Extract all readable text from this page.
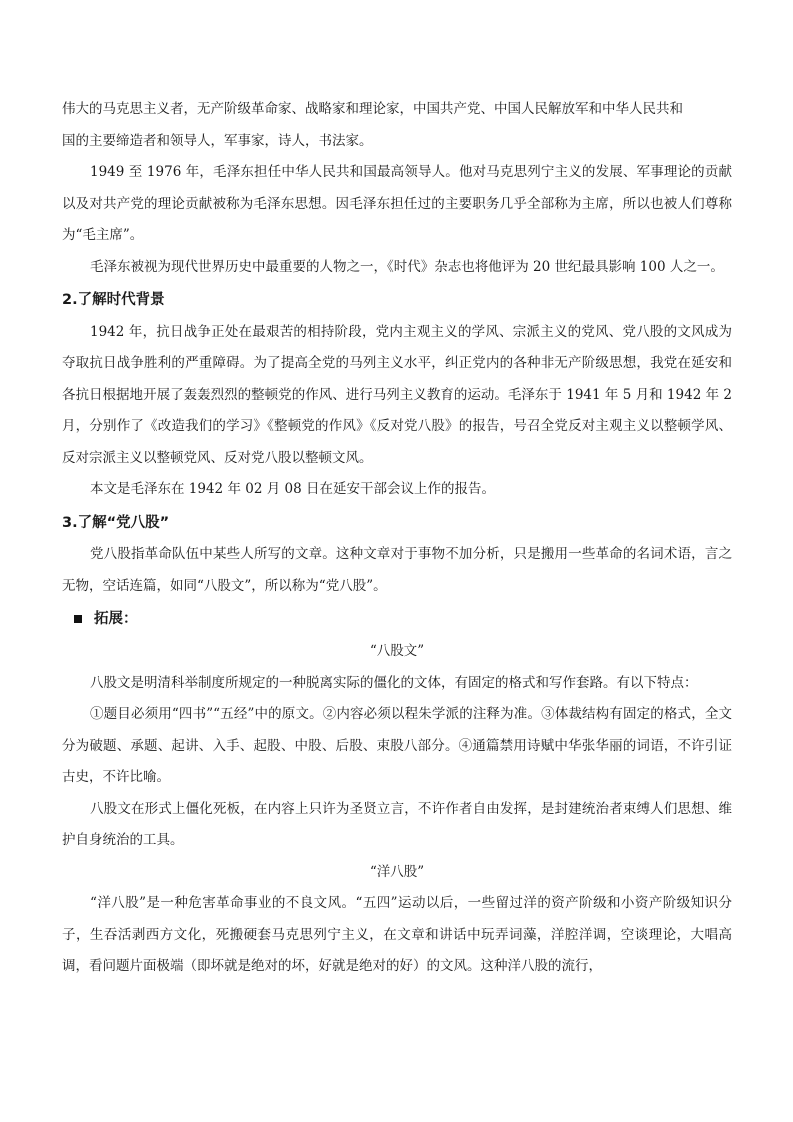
伟大的马克思主义者，无产阶级革命家、战略家和理论家，中国共产党、中国人民解放军和中华人民共和

国的主要缔造者和领导人，军事家，诗人，书法家。

1949 至 1976 年，毛泽东担任中华人民共和国最高领导人。他对马克思列宁主义的发展、军事理论的贡献以及对共产党的理论贡献被称为毛泽东思想。因毛泽东担任过的主要职务几乎全部称为主席，所以也被人们尊称为“毛主席”。

毛泽东被视为现代世界历史中最重要的人物之一，《时代》杂志也将他评为 20 世纪最具影响 100 人之一。

2.了解时代背景

1942 年，抗日战争正处在最艰苦的相持阶段，党内主观主义的学风、宗派主义的党风、党八股的文风成为夺取抗日战争胜利的严重障碍。为了提高全党的马列主义水平，纠正党内的各种非无产阶级思想，我党在延安和各抗日根据地开展了轰轰烈烈的整顿党的作风、进行马列主义教育的运动。毛泽东于 1941 年 5 月和 1942 年 2 月，分别作了《改造我们的学习》《整顿党的作风》《反对党八股》的报告，号召全党反对主观主义以整顿学风、反对宗派主义以整顿党风、反对党八股以整顿文风。

本文是毛泽东在 1942 年 02 月 08 日在延安干部会议上作的报告。

3.了解“党八股”

党八股指革命队伍中某些人所写的文章。这种文章对于事物不加分析，只是搬用一些革命的名词术语，言之无物，空话连篇，如同“八股文”，所以称为“党八股”。

拓展：

“八股文”

八股文是明清科举制度所规定的一种脱离实际的僵化的文体，有固定的格式和写作套路。有以下特点：

①题目必须用“四书”“五经”中的原文。②内容必须以程朱学派的注释为准。③体裁结构有固定的格式，全文分为破题、承题、起讲、入手、起股、中股、后股、束股八部分。④通篇禁用诗赋中华张华丽的词语，不许引证古史，不许比喻。

八股文在形式上僵化死板，在内容上只许为圣贤立言，不许作者自由发挥，是封建统治者束缚人们思想、维护自身统治的工具。

“洋八股”

“洋八股”是一种危害革命事业的不良文风。“五四”运动以后，一些留过洋的资产阶级和小资产阶级知识分子，生吞活剥西方文化，死搬硬套马克思列宁主义，在文章和讲话中玩弄词藻，洋腔洋调，空谈理论，大唱高调，看问题片面极端（即坏就是绝对的坏，好就是绝对的好）的文风。这种洋八股的流行，
